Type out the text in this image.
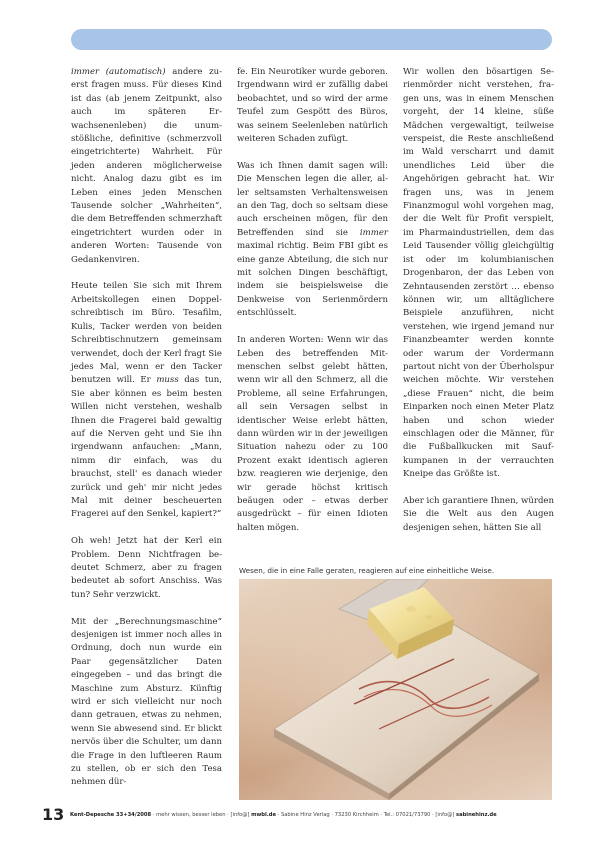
immer (automatisch) andere zuerst fragen muss. Für dieses Kind ist das (ab jenem Zeitpunkt, also auch im späteren Erwachsenenleben) die unumstößliche, definitive (schmerzvoll eingetrichterte) Wahrheit. Für jeden anderen möglicherweise nicht. Analog dazu gibt es im Leben eines jeden Menschen Tausende solcher „Wahrheiten“, die dem Betreffenden schmerzhaft eingetrichtert wurden oder in anderen Worten: Tausende von Gedankenviren.

Heute teilen Sie sich mit Ihrem Arbeitskollegen einen Doppelschreibtisch im Büro. Tesafilm, Kulis, Tacker werden von beiden Schreibtischnutzern gemeinsam verwendet, doch der Kerl fragt Sie jedes Mal, wenn er den Tacker benutzen will. Er muss das tun, Sie aber können es beim besten Willen nicht verstehen, weshalb Ihnen die Fragerei bald gewaltig auf die Nerven geht und Sie ihn irgendwann anfauchen: „Mann, nimm dir einfach, was du brauchst, stell' es danach wieder zurück und geh' mir nicht jedes Mal mit deiner bescheuerten Fragerei auf den Senkel, kapiert?“

Oh weh! Jetzt hat der Kerl ein Problem. Denn Nichtfragen bedeutet Schmerz, aber zu fragen bedeutet ab sofort Anschiss. Was tun? Sehr verzwickt.

Mit der „Berechnungsmaschine“ desjenigen ist immer noch alles in Ordnung, doch nun wurde ein Paar gegensätzlicher Daten eingegeben – und das bringt die Maschine zum Absturz. Künftig wird er sich vielleicht nur noch dann getrauen, etwas zu nehmen, wenn Sie abwesend sind. Er blickt nervös über die Schulter, um dann die Frage in den luftleeren Raum zu stellen, ob er sich den Tesa nehmen dür-

fe. Ein Neurotiker wurde geboren. Irgendwann wird er zufällig dabei beobachtet, und so wird der arme Teufel zum Gespött des Büros, was seinem Seelenleben natürlich weiteren Schaden zufügt.

Was ich Ihnen damit sagen will: Die Menschen legen die aller, aller seltsamsten Verhaltensweisen an den Tag, doch so seltsam diese auch erscheinen mögen, für den Betreffenden sind sie immer maximal richtig. Beim FBI gibt es eine ganze Abteilung, die sich nur mit solchen Dingen beschäftigt, indem sie beispielsweise die Denkweise von Serienmördern entschlüsselt.

In anderen Worten: Wenn wir das Leben des betreffenden Mitmenschen selbst gelebt hätten, wenn wir all den Schmerz, all die Probleme, all seine Erfahrungen, all sein Versagen selbst in identischer Weise erlebt hätten, dann würden wir in der jeweiligen Situation nahezu oder zu 100 Prozent exakt identisch agieren bzw. reagieren wie derjenige, den wir gerade höchst kritisch beäugen oder – etwas derber ausgedrückt – für einen Idioten halten mögen.

Wir wollen den bösartigen Serienmörder nicht verstehen, fragen uns, was in einem Menschen vorgeht, der 14 kleine, süße Mädchen vergewaltigt, teilweise verspeist, die Reste anschließend im Wald verscharrt und damit unendliches Leid über die Angehörigen gebracht hat. Wir fragen uns, was in jenem Finanzmogul wohl vorgehen mag, der die Welt für Profit verspielt, im Pharmaindustriellen, dem das Leid Tausender völlig gleichgültig ist oder im kolumbianischen Drogenbaron, der das Leben von Zehntausenden zerstört … ebenso können wir, um alltäglichere Beispiele anzuführen, nicht verstehen, wie irgend jemand nur Finanzbeamter werden konnte oder warum der Vordermann partout nicht von der Überholspur weichen möchte. Wir verstehen „diese Frauen“ nicht, die beim Einparken noch einen Meter Platz haben und schon wieder einschlagen oder die Männer, für die Fußballkucken mit Saufkumpanen in der verrauchten Kneipe das Größte ist.

Aber ich garantiere Ihnen, würden Sie die Welt aus den Augen desjenigen sehen, hätten Sie all

Wesen, die in eine Falle geraten, reagieren auf eine einheitliche Weise.
13 Kent-Depesche 33+34/2008 · mehr wissen, besser leben · [info@] mwbl.de · Sabine Hinz Verlag · 73230 Kirchheim · Tel.: 07021/73790 · [info@] sabinehinz.de
